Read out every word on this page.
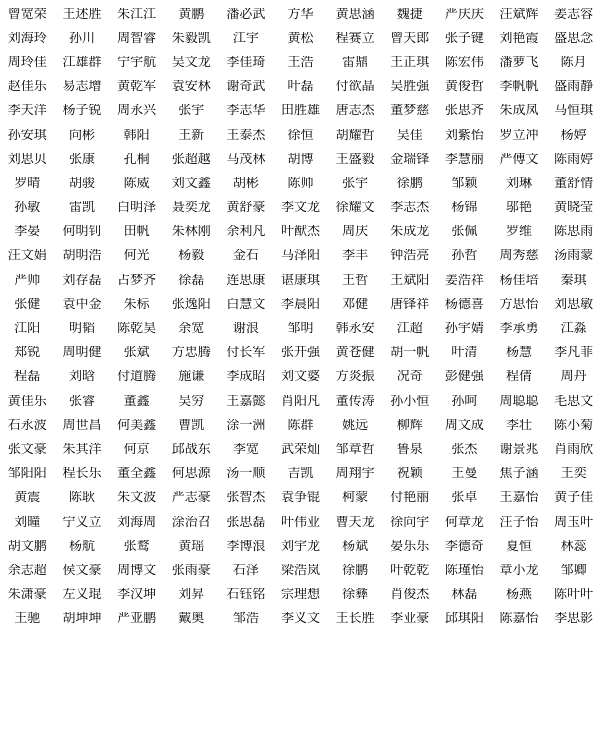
曾宽荣	王述胜	朱江江	黄鹏	潘必武	方华	黄思涵	魏捷	严庆庆	汪斌辉	姜志容
刘海玲	孙川	周智睿	朱毅凯	江宇	黄松	程赛立	曾天郎	张子键	刘艳霞	盛思念
周玲佳	江雄群	宁宇航	吴文龙	李佳琦	王浩	雷鼎	王正琪	陈宏伟	潘萝飞	陈月
赵佳乐	易志增	黄乾军	袁安林	谢奇武	叶磊	付欲晶	吴胜强	黄俊哲	李帆帆	盛雨静
李天洋	杨子锐	周永兴	张宇	李志华	田胜雄	唐志杰	董梦慈	张思齐	朱成凤	马恒琪
孙安琪	向彬	韩阳	王新	王泰杰	徐恒	胡耀哲	吴佳	刘紫怡	罗立冲	杨婷
刘思贝	张康	孔桐	张超越	马茂林	胡博	王盛毅	金瑞锋	李慧丽	严傅文	陈雨婷
罗晴	胡骏	陈威	刘文鑫	胡彬	陈帅	张宇	徐鹏	邹颖	刘琳	董舒情
孙敏	雷凯	白明泽	聂奕龙	黄舒豪	李文龙	徐耀文	李志杰	杨锦	邬艳	黄晓莹
李晏	何明钊	田帆	朱林刚	余利凡	叶猷杰	周庆	朱成龙	张佩	罗维	陈思雨
汪文娟	胡明浩	何光	杨毅	金石	马泽阳	李丰	钟浩亮	孙哲	周秀慈	汤雨蒙
严帅	刘存磊	占梦齐	徐磊	连思康	谌康琪	王哲	王斌阳	姜浩祥	杨佳培	秦琪
张健	袁中金	朱标	张逸阳	白慧文	李晨阳	邓健	唐锋祥	杨德喜	方思怡	刘思敏
江阳	明韬	陈乾昊	余宽	谢浪	邹明	韩永安	江超	孙宇婧	李承勇	江淼
郑锐	周明健	张斌	方忠腾	付长军	张开强	黄苍健	胡一帆	叶清	杨慧	李凡菲
程磊	刘晗	付道腾	施谦	李成昭	刘文婆	方炎振	况奇	彭健强	程倩	周丹
黄佳乐	张睿	董鑫	吴穷	王嘉懿	肖阳凡	董传涛	孙小恒	孙呵	周聪聪	毛思文
石永波	周世昌	何美鑫	曹凯	涂一洲	陈群	姚远	柳辉	周文成	李壮	陈小菊
张文豪	朱其洋	何京	邱战东	李宽	武荣灿	邹章哲	鲁泉	张杰	谢景兆	肖雨欣
邹阳阳	程长乐	董全鑫	何思源	汤一顺	吉凯	周翔宇	祝颖	王曼	焦子涵	王奕
黄震	陈耿	朱文波	严志豪	张智杰	袁争锟	柯蒙	付艳丽	张卓	王嘉怡	黄子佳
刘曈	宁义立	刘海周	涂治召	张思磊	叶伟业	曹天龙	徐向宇	何章龙	汪子怡	周玉叶
胡文鹏	杨航	张鹜	黄瑶	李博浪	刘宇龙	杨斌	晏乐乐	李德奇	夏恒	林蕊
余志超	侯文豪	周博文	张雨豪	石泽	梁浩岚	徐鹏	叶乾乾	陈瑾怡	章小龙	邹卿
朱潇豪	左义琨	李汉坤	刘昇	石钰铭	宗理想	徐彝	肖俊杰	林磊	杨燕	陈叶叶
王驰	胡坤坤	严亚鹏	戴奥	邹浩	李义文	王长胜	李业豪	邱琪阳	陈嘉怡	李思影
